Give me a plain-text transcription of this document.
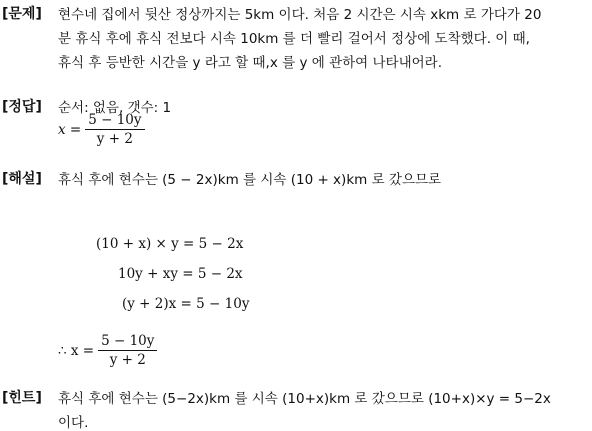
[문제] 현수네 집에서 뒷산 정상까지는 5km 이다. 처음 2 시간은 시속 xkm 로 가다가 20
분 휴식 후에 휴식 전보다 시속 10km 를 더 빨리 걸어서 정상에 도착했다. 이 때,
휴식 후 등반한 시간을 y 라고 할 때,x 를 y 에 관하여 나타내어라.
[정답] 순서: 없음, 갯수: 1
$x = \frac{5 - 10y}{y + 2}$
[해설] 휴식 후에 현수는 (5 − 2x)km 를 시속 (10 + x)km 로 갔으므로
(10 + x) × y = 5 − 2x
10y + xy = 5 − 2x
(y + 2)x = 5 − 10y
∴ $x = \frac{5 - 10y}{y + 2}$
[힌트] 휴식 후에 현수는 (5−2x)km 를 시속 (10+x)km 로 갔으므로 (10+x)×y = 5−2x
이다.
